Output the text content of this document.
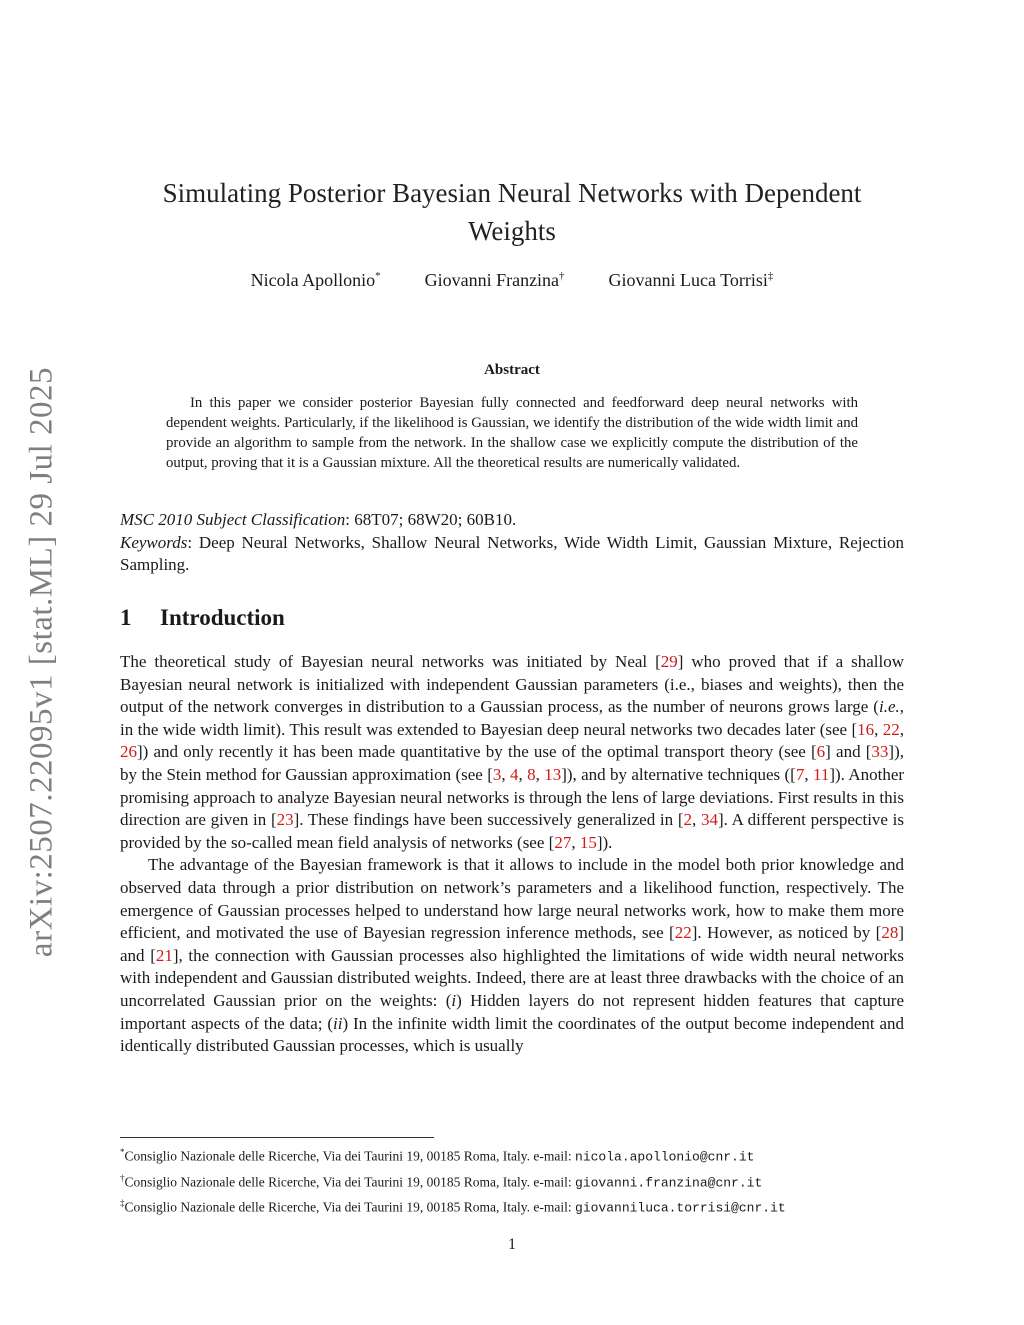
arXiv:2507.22095v1 [stat.ML] 29 Jul 2025
Simulating Posterior Bayesian Neural Networks with Dependent
Weights
Nicola Apollonio* Giovanni Franzina† Giovanni Luca Torrisi‡
Abstract
In this paper we consider posterior Bayesian fully connected and feedforward deep neural networks with dependent weights. Particularly, if the likelihood is Gaussian, we identify the distribution of the wide width limit and provide an algorithm to sample from the network. In the shallow case we explicitly compute the distribution of the output, proving that it is a Gaussian mixture. All the theoretical results are numerically validated.

MSC 2010 Subject Classification: 68T07; 68W20; 60B10.

Keywords: Deep Neural Networks, Shallow Neural Networks, Wide Width Limit, Gaussian Mixture, Rejection Sampling.

1 Introduction

The theoretical study of Bayesian neural networks was initiated by Neal [29] who proved that if a shallow Bayesian neural network is initialized with independent Gaussian parameters (i.e., biases and weights), then the output of the network converges in distribution to a Gaussian process, as the number of neurons grows large (i.e., in the wide width limit). This result was extended to Bayesian deep neural networks two decades later (see [16, 22, 26]) and only recently it has been made quantitative by the use of the optimal transport theory (see [6] and [33]), by the Stein method for Gaussian approximation (see [3, 4, 8, 13]), and by alternative techniques ([7, 11]). Another promising approach to analyze Bayesian neural networks is through the lens of large deviations. First results in this direction are given in [23]. These findings have been successively generalized in [2, 34]. A different perspective is provided by the so-called mean field analysis of networks (see [27, 15]).

The advantage of the Bayesian framework is that it allows to include in the model both prior knowledge and observed data through a prior distribution on network’s parameters and a likelihood function, respectively. The emergence of Gaussian processes helped to understand how large neural networks work, how to make them more efficient, and motivated the use of Bayesian regression inference methods, see [22]. However, as noticed by [28] and [21], the connection with Gaussian processes also highlighted the limitations of wide width neural networks with independent and Gaussian distributed weights. Indeed, there are at least three drawbacks with the choice of an uncorrelated Gaussian prior on the weights: (i) Hidden layers do not represent hidden features that capture important aspects of the data; (ii) In the infinite width limit the coordinates of the output become independent and identically distributed Gaussian processes, which is usually

*Consiglio Nazionale delle Ricerche, Via dei Taurini 19, 00185 Roma, Italy. e-mail: nicola.apollonio@cnr.it
†Consiglio Nazionale delle Ricerche, Via dei Taurini 19, 00185 Roma, Italy. e-mail: giovanni.franzina@cnr.it
‡Consiglio Nazionale delle Ricerche, Via dei Taurini 19, 00185 Roma, Italy. e-mail: giovanniluca.torrisi@cnr.it
1
